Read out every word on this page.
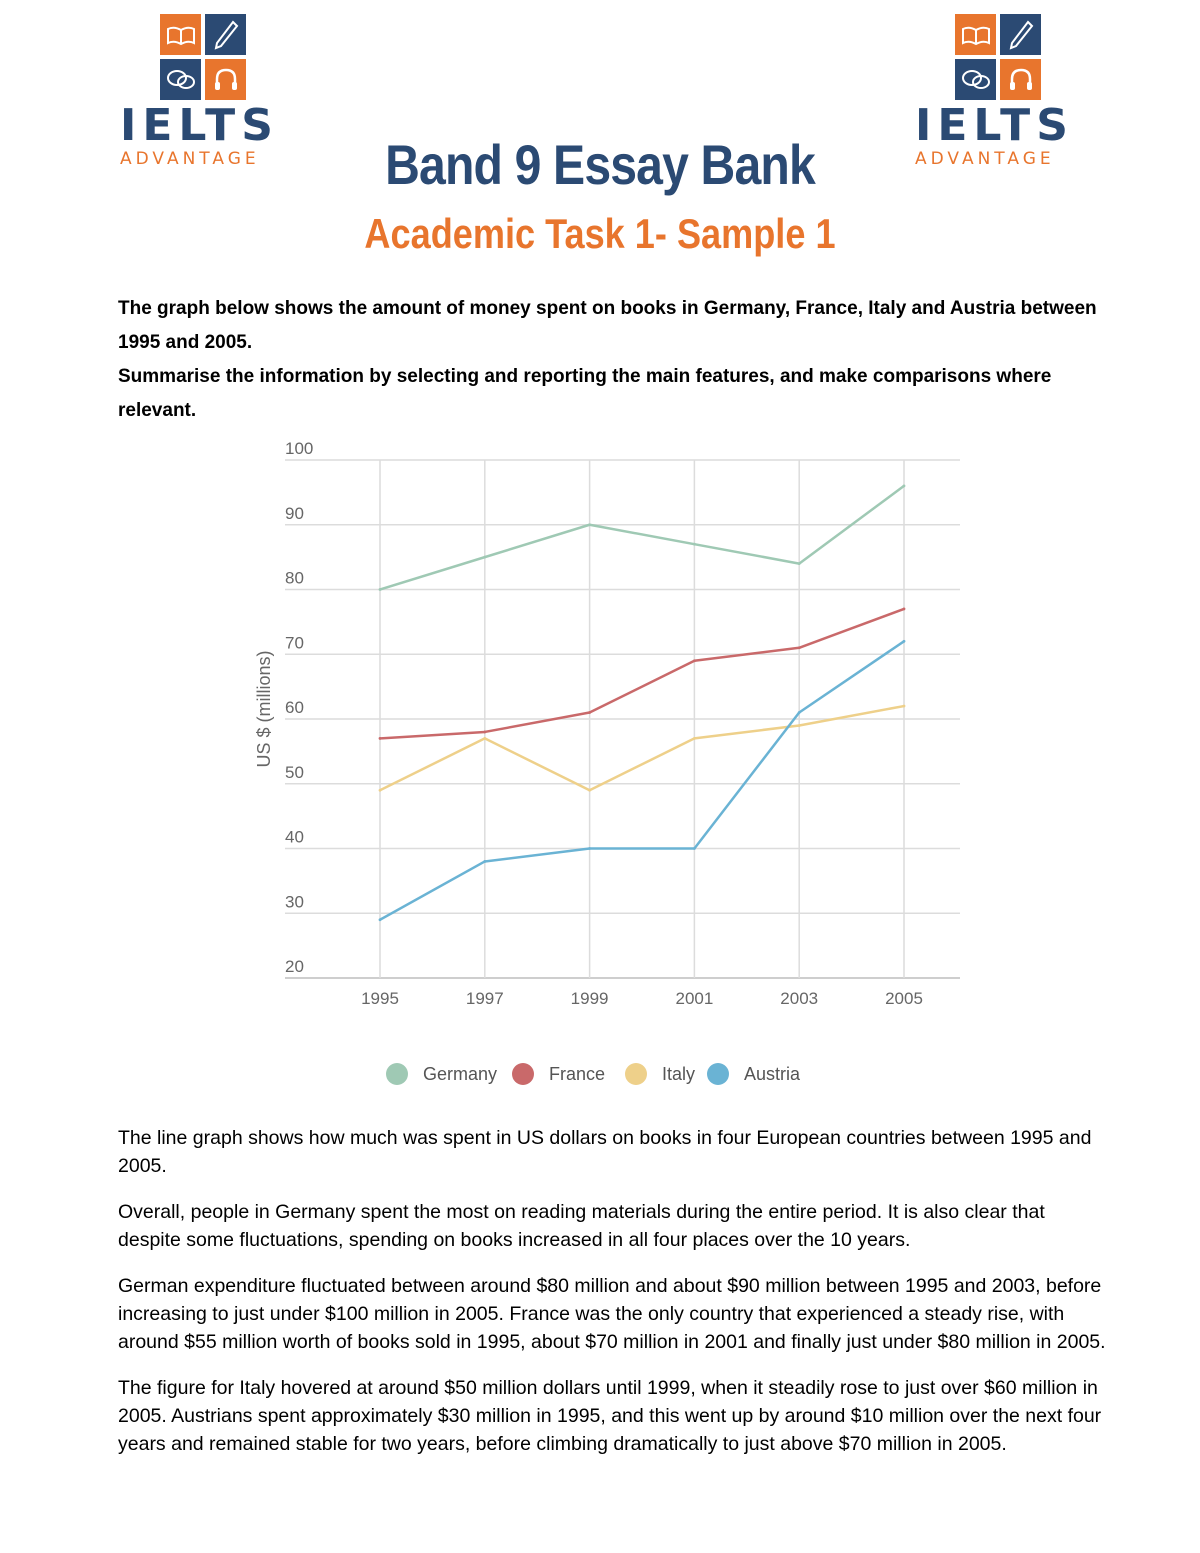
IELTS
ADVANTAGE
IELTS
ADVANTAGE
Band 9 Essay Bank
Academic Task 1- Sample 1

The graph below shows the amount of money spent on books in Germany, France, Italy and Austria between 1995 and 2005.

Summarise the information by selecting and reporting the main features, and make comparisons where relevant.

20
30
40
50
60
70
80
90
100
1995	1997	1999	2001	2003	2005
US $ (millions)
Germany	France	Italy	Austria

The line graph shows how much was spent in US dollars on books in four European countries between 1995 and 2005.

Overall, people in Germany spent the most on reading materials during the entire period. It is also clear that despite some fluctuations, spending on books increased in all four places over the 10 years.

German expenditure fluctuated between around $80 million and about $90 million between 1995 and 2003, before increasing to just under $100 million in 2005. France was the only country that experienced a steady rise, with around $55 million worth of books sold in 1995, about $70 million in 2001 and finally just under $80 million in 2005.

The figure for Italy hovered at around $50 million dollars until 1999, when it steadily rose to just over $60 million in 2005. Austrians spent approximately $30 million in 1995, and this went up by around $10 million over the next four years and remained stable for two years, before climbing dramatically to just above $70 million in 2005.
